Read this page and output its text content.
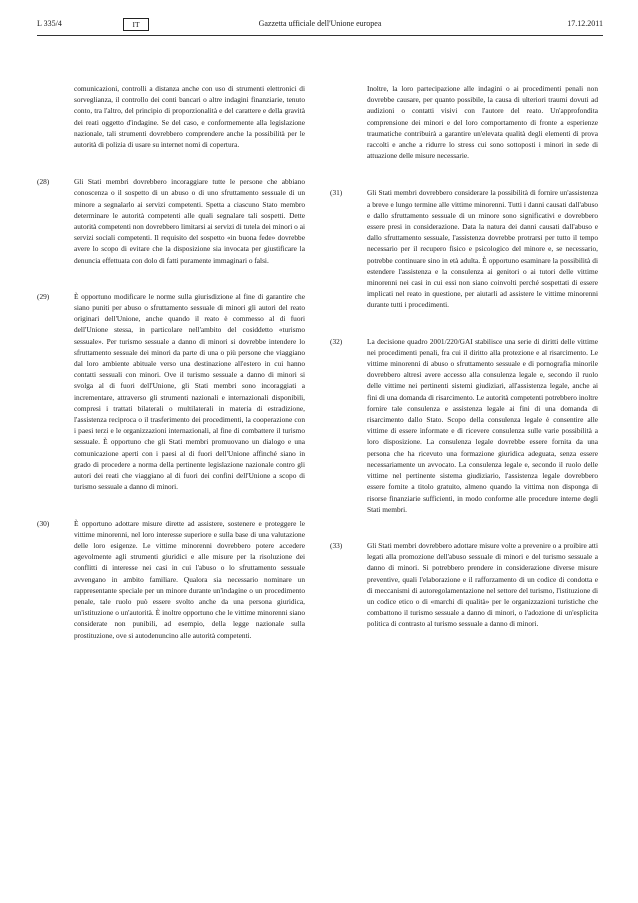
L 335/4	IT	Gazzetta ufficiale dell'Unione europea	17.12.2011
comunicazioni, controlli a distanza anche con uso di strumenti elettronici di sorveglianza, il controllo dei conti bancari o altre indagini finanziarie, tenuto conto, tra l'altro, del principio di proporzionalità e del carattere e della gravità dei reati oggetto d'indagine. Se del caso, e conformemente alla legislazione nazionale, tali strumenti dovrebbero comprendere anche la possibilità per le autorità di polizia di usare su internet nomi di copertura.
(28)	Gli Stati membri dovrebbero incoraggiare tutte le persone che abbiano conoscenza o il sospetto di un abuso o di uno sfruttamento sessuale di un minore a segnalarlo ai servizi competenti. Spetta a ciascuno Stato membro determinare le autorità competenti alle quali segnalare tali sospetti. Dette autorità competenti non dovrebbero limitarsi ai servizi di tutela dei minori o ai servizi sociali competenti. Il requisito del sospetto «in buona fede» dovrebbe avere lo scopo di evitare che la disposizione sia invocata per giustificare la denuncia effettuata con dolo di fatti puramente immaginari o falsi.
(29)	È opportuno modificare le norme sulla giurisdizione al fine di garantire che siano puniti per abuso o sfruttamento sessuale di minori gli autori del reato originari dell'Unione, anche quando il reato è commesso al di fuori dell'Unione stessa, in particolare nell'ambito del cosiddetto «turismo sessuale». Per turismo sessuale a danno di minori si dovrebbe intendere lo sfruttamento sessuale dei minori da parte di una o più persone che viaggiano dal loro ambiente abituale verso una destinazione all'estero in cui hanno contatti sessuali con minori. Ove il turismo sessuale a danno di minori si svolga al di fuori dell'Unione, gli Stati membri sono incoraggiati a incrementare, attraverso gli strumenti nazionali e internazionali disponibili, compresi i trattati bilaterali o multilaterali in materia di estradizione, l'assistenza reciproca o il trasferimento dei procedimenti, la cooperazione con i paesi terzi e le organizzazioni internazionali, al fine di combattere il turismo sessuale. È opportuno che gli Stati membri promuovano un dialogo e una comunicazione aperti con i paesi al di fuori dell'Unione affinché siano in grado di procedere a norma della pertinente legislazione nazionale contro gli autori dei reati che viaggiano al di fuori dei confini dell'Unione a scopo di turismo sessuale a danno di minori.
(30)	È opportuno adottare misure dirette ad assistere, sostenere e proteggere le vittime minorenni, nel loro interesse superiore e sulla base di una valutazione delle loro esigenze. Le vittime minorenni dovrebbero potere accedere agevolmente agli strumenti giuridici e alle misure per la risoluzione dei conflitti di interesse nei casi in cui l'abuso o lo sfruttamento sessuale avvengano in ambito familiare. Qualora sia necessario nominare un rappresentante speciale per un minore durante un'indagine o un procedimento penale, tale ruolo può essere svolto anche da una persona giuridica, un'istituzione o un'autorità. È inoltre opportuno che le vittime minorenni siano considerate non punibili, ad esempio, della legge nazionale sulla prostituzione, ove si autodenuncino alle autorità competenti.
Inoltre, la loro partecipazione alle indagini o ai procedimenti penali non dovrebbe causare, per quanto possibile, la causa di ulteriori traumi dovuti ad audizioni o contatti visivi con l'autore del reato. Un'approfondita comprensione dei minori e del loro comportamento di fronte a esperienze traumatiche contribuirà a garantire un'elevata qualità degli elementi di prova raccolti e anche a ridurre lo stress cui sono sottoposti i minori in sede di attuazione delle misure necessarie.
(31)	Gli Stati membri dovrebbero considerare la possibilità di fornire un'assistenza a breve e lungo termine alle vittime minorenni. Tutti i danni causati dall'abuso e dallo sfruttamento sessuale di un minore sono significativi e dovrebbero essere presi in considerazione. Data la natura dei danni causati dall'abuso e dallo sfruttamento sessuale, l'assistenza dovrebbe protrarsi per tutto il tempo necessario per il recupero fisico e psicologico del minore e, se necessario, potrebbe continuare sino in età adulta. È opportuno esaminare la possibilità di estendere l'assistenza e la consulenza ai genitori o ai tutori delle vittime minorenni nei casi in cui essi non siano coinvolti perché sospettati di essere implicati nel reato in questione, per aiutarli ad assistere le vittime minorenni durante tutti i procedimenti.
(32)	La decisione quadro 2001/220/GAI stabilisce una serie di diritti delle vittime nei procedimenti penali, fra cui il diritto alla protezione e al risarcimento. Le vittime minorenni di abuso o sfruttamento sessuale e di pornografia minorile dovrebbero altresì avere accesso alla consulenza legale e, secondo il ruolo delle vittime nei pertinenti sistemi giudiziari, all'assistenza legale, anche ai fini di una domanda di risarcimento. Le autorità competenti potrebbero inoltre fornire tale consulenza e assistenza legale ai fini di una domanda di risarcimento dallo Stato. Scopo della consulenza legale è consentire alle vittime di essere informate e di ricevere consulenza sulle varie possibilità a loro disposizione. La consulenza legale dovrebbe essere fornita da una persona che ha ricevuto una formazione giuridica adeguata, senza essere necessariamente un avvocato. La consulenza legale e, secondo il ruolo delle vittime nel pertinente sistema giudiziario, l'assistenza legale dovrebbero essere fornite a titolo gratuito, almeno quando la vittima non disponga di risorse finanziarie sufficienti, in modo conforme alle procedure interne degli Stati membri.
(33)	Gli Stati membri dovrebbero adottare misure volte a prevenire o a proibire atti legati alla promozione dell'abuso sessuale di minori e del turismo sessuale a danno di minori. Si potrebbero prendere in considerazione diverse misure preventive, quali l'elaborazione e il rafforzamento di un codice di condotta e di meccanismi di autoregolamentazione nel settore del turismo, l'istituzione di un codice etico o di «marchi di qualità» per le organizzazioni turistiche che combattono il turismo sessuale a danno di minori, o l'adozione di un'esplicita politica di contrasto al turismo sessuale a danno di minori.
